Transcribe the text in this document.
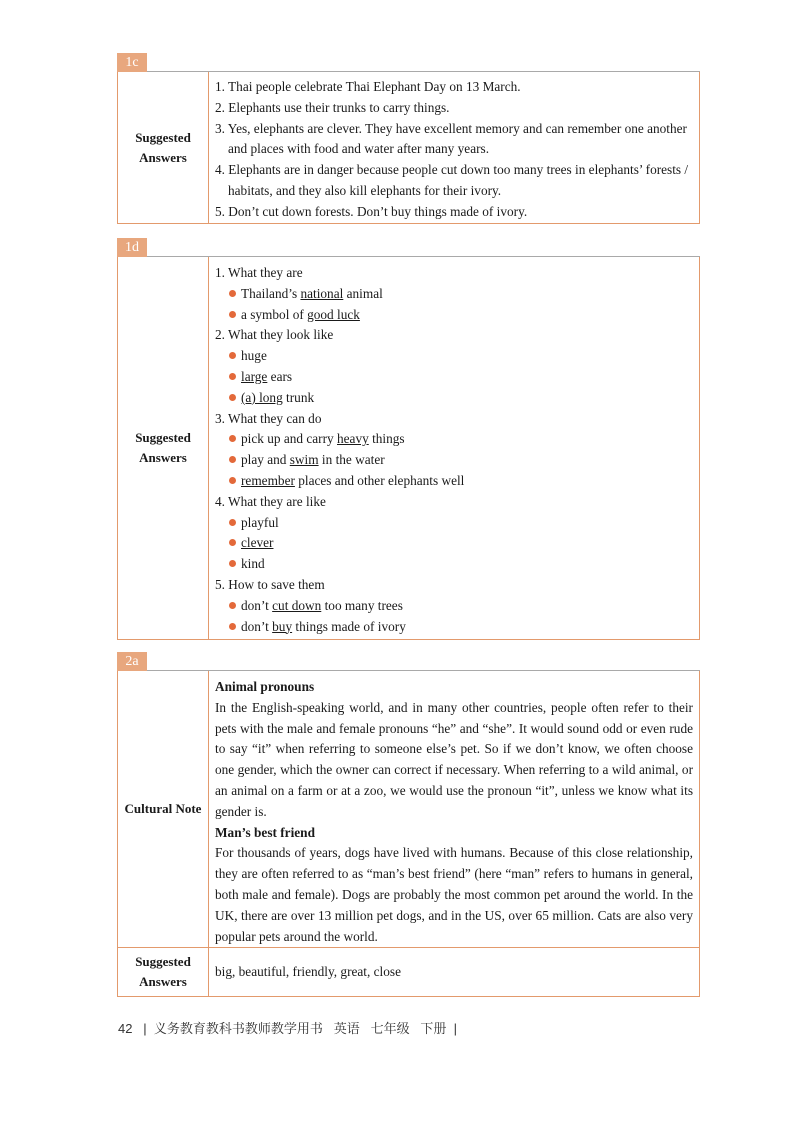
1c
Suggested
Answers

1. Thai people celebrate Thai Elephant Day on 13 March.

2. Elephants use their trunks to carry things.

3. Yes, elephants are clever. They have excellent memory and can remember one another and places with food and water after many years.

4. Elephants are in danger because people cut down too many trees in elephants’ forests / habitats, and they also kill elephants for their ivory.

5. Don’t cut down forests. Don’t buy things made of ivory.

1d
Suggested
Answers

1. What they are

Thailand’s national animal

a symbol of good luck

2. What they look like

huge

large ears

(a) long trunk

3. What they can do

pick up and carry heavy things

play and swim in the water

remember places and other elephants well

4. What they are like

playful

clever

kind

5. How to save them

don’t cut down too many trees

don’t buy things made of ivory

2a
Cultural Note

Animal pronouns

In the English-speaking world, and in many other countries, people often refer to their pets with the male and female pronouns “he” and “she”. It would sound odd or even rude to say “it” when referring to someone else’s pet. So if we don’t know, we often choose one gender, which the owner can correct if necessary. When referring to a wild animal, or an animal on a farm or at a zoo, we would use the pronoun “it”, unless we know what its gender is.

Man’s best friend

For thousands of years, dogs have lived with humans. Because of this close relationship, they are often referred to as “man’s best friend” (here “man” refers to humans in general, both male and female). Dogs are probably the most common pet around the world. In the UK, there are over 13 million pet dogs, and in the US, over 65 million. Cats are also very popular pets around the world.

Suggested
Answers

big, beautiful, friendly, great, close

42   |  义务教育教科书教师教学用书   英语   七年级   下册  |
